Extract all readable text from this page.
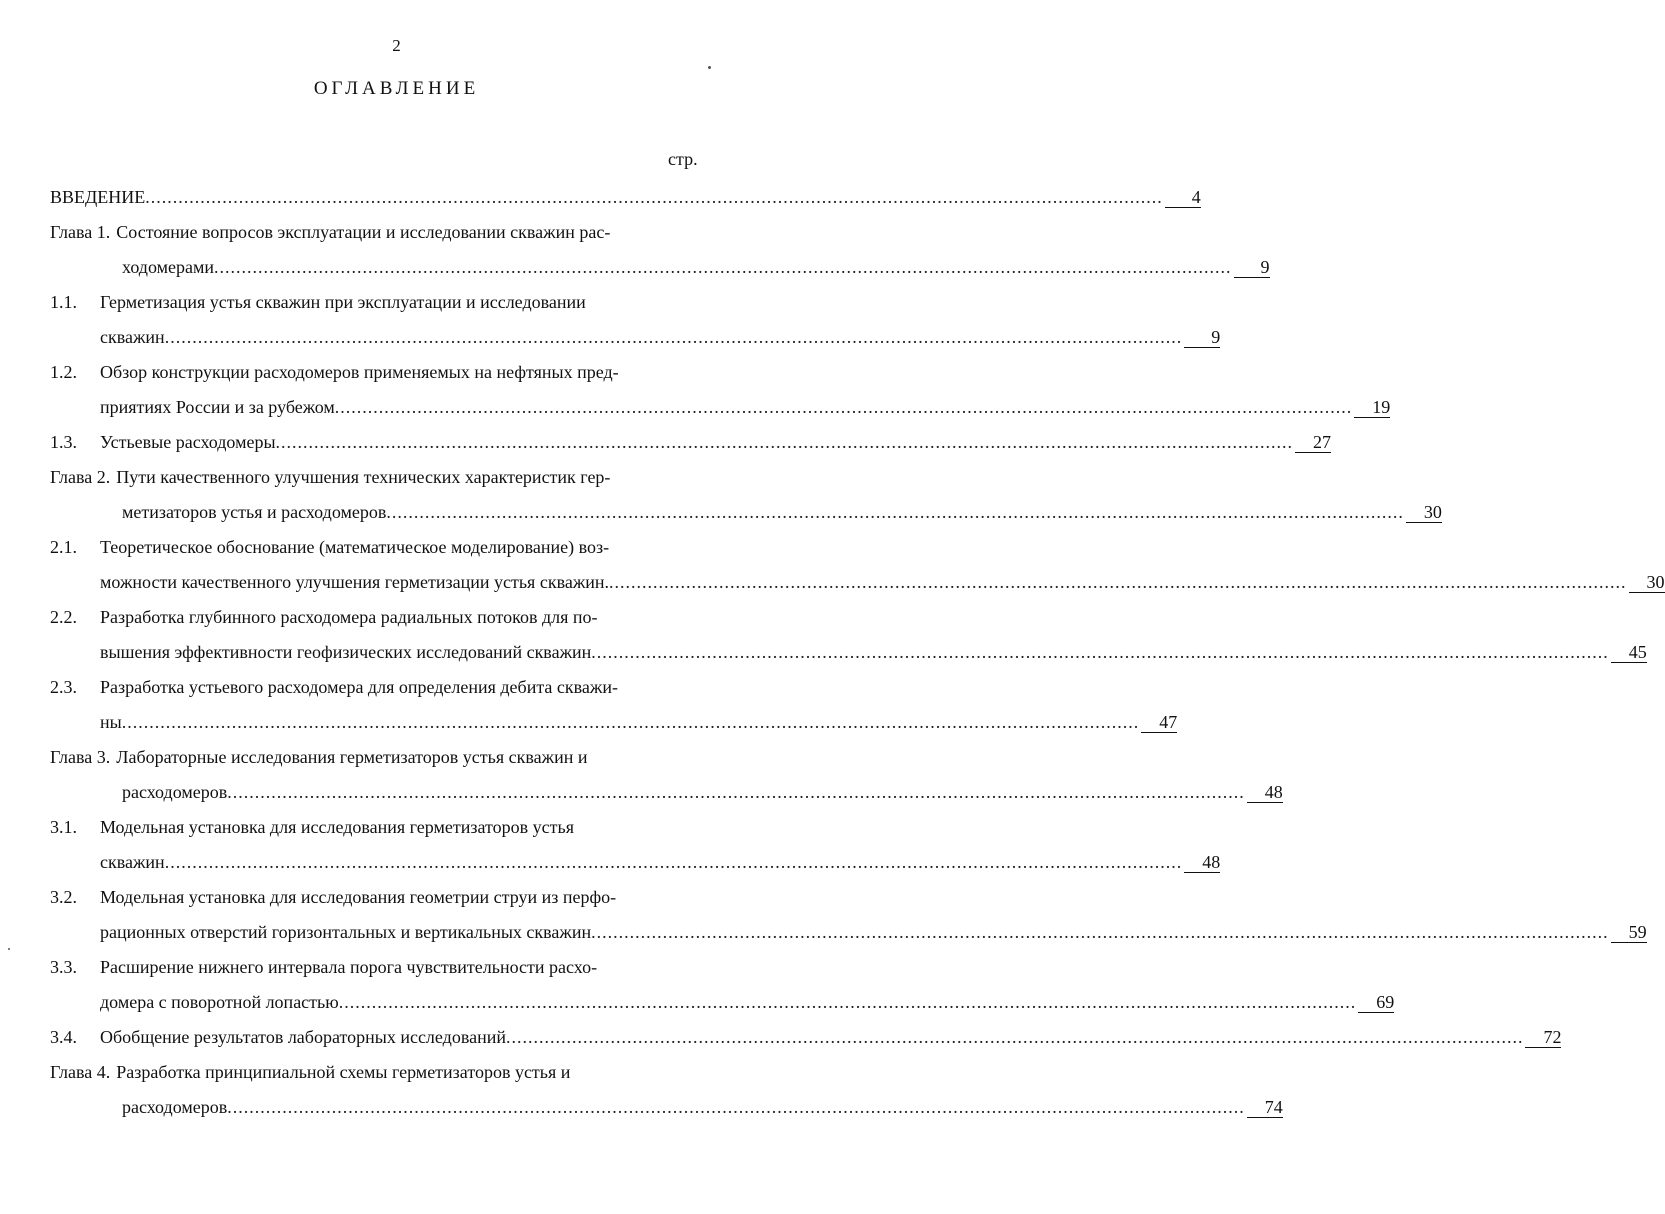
2
ОГЛАВЛЕНИЕ
стр.
ВВЕДЕНИЕ .....	4
Глава 1. Состояние вопросов эксплуатации и исследовании скважин рас-
ходомерами .....	9
1.1.	Герметизация устья скважин при эксплуатации и исследовании
скважин .....	9
1.2.	Обзор конструкции расходомеров применяемых на нефтяных пред-
приятиях России и за рубежом .....	19
1.3.	Устьевые расходомеры .....	27
Глава 2. Пути качественного улучшения технических характеристик гер-
метизаторов устья и расходомеров .....	30
2.1.	Теоретическое обоснование (математическое моделирование) воз-
можности качественного улучшения герметизации устья скважин. .....	30
2.2.	Разработка глубинного расходомера радиальных потоков для по-
вышения эффективности геофизических исследований скважин .....	45
2.3.	Разработка устьевого расходомера для определения дебита скважи-
ны .....	47
Глава 3. Лабораторные исследования герметизаторов устья скважин и
расходомеров .....	48
3.1.	Модельная установка для исследования герметизаторов устья
скважин .....	48
3.2.	Модельная установка для исследования геометрии струи из перфо-
рационных отверстий горизонтальных и вертикальных скважин .....	59
3.3.	Расширение нижнего интервала порога чувствительности расхо-
домера с поворотной лопастью .....	69
3.4.	Обобщение результатов лабораторных исследований .....	72
Глава 4. Разработка принципиальной схемы герметизаторов устья и
расходомеров .....	74
